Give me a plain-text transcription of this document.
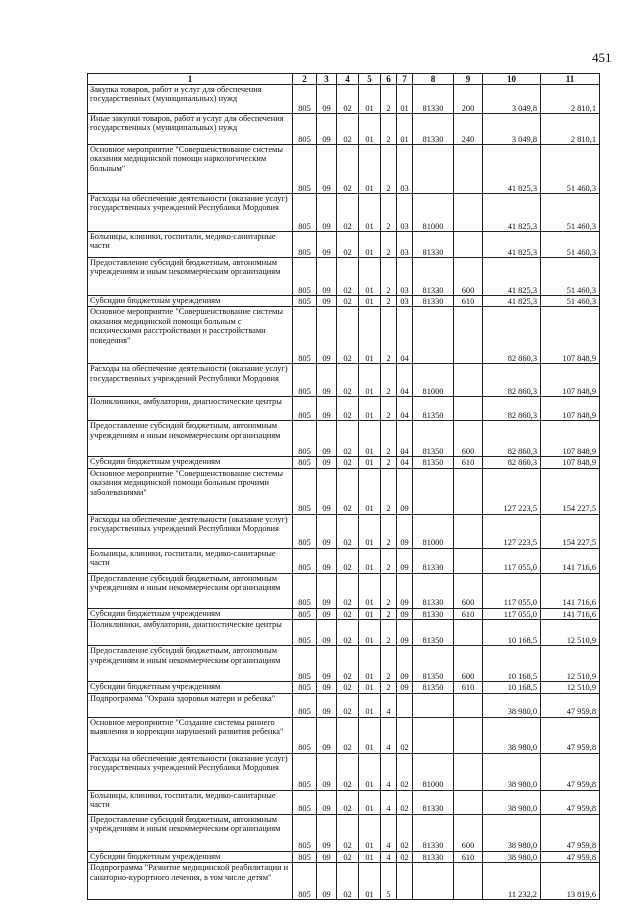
451
1	2	3	4	5	6	7	8	9	10	11
Закупка товаров, работ и услуг для обеспечения государственных (муниципальных) нужд	805	09	02	01	2	01	81330	200	3 049,8	2 810,1
Иные закупки товаров, работ и услуг для обеспечения государственных (муниципальных) нужд	805	09	02	01	2	01	81330	240	3 049,8	2 810,1
Основное мероприятие "Совершенствование системы оказания медицинской помощи наркологическим больным"	805	09	02	01	2	03			41 825,3	51 460,3
Расходы на обеспечение деятельности (оказание услуг) государственных учреждений Республики Мордовия	805	09	02	01	2	03	81000		41 825,3	51 460,3
Больницы, клиники, госпитали, медико-санитарные части	805	09	02	01	2	03	81330		41 825,3	51 460,3
Предоставление субсидий бюджетным, автономным учреждениям и иным некоммерческим организациям	805	09	02	01	2	03	81330	600	41 825,3	51 460,3
Субсидии бюджетным учреждениям	805	09	02	01	2	03	81330	610	41 825,3	51 460,3
Основное мероприятие "Совершенствование системы оказания медицинской помощи больным с психическими расстройствами и расстройствами поведения"	805	09	02	01	2	04			82 860,3	107 848,9
Расходы на обеспечение деятельности (оказание услуг) государственных учреждений Республики Мордовия	805	09	02	01	2	04	81000		82 860,3	107 848,9
Поликлиники, амбулатории, диагностические центры	805	09	02	01	2	04	81350		82 860,3	107 848,9
Предоставление субсидий бюджетным, автономным учреждениям и иным некоммерческим организациям	805	09	02	01	2	04	81350	600	82 860,3	107 848,9
Субсидии бюджетным учреждениям	805	09	02	01	2	04	81350	610	82 860,3	107 848,9
Основное мероприятие "Совершенствование системы оказания медицинской помощи больным прочими заболеваниями"	805	09	02	01	2	09			127 223,5	154 227,5
Расходы на обеспечение деятельности (оказание услуг) государственных учреждений Республики Мордовия	805	09	02	01	2	09	81000		127 223,5	154 227,5
Больницы, клиники, госпитали, медико-санитарные части	805	09	02	01	2	09	81330		117 055,0	141 716,6
Предоставление субсидий бюджетным, автономным учреждениям и иным некоммерческим организациям	805	09	02	01	2	09	81330	600	117 055,0	141 716,6
Субсидии бюджетным учреждениям	805	09	02	01	2	09	81330	610	117 055,0	141 716,6
Поликлиники, амбулатории, диагностические центры	805	09	02	01	2	09	81350		10 168,5	12 510,9
Предоставление субсидий бюджетным, автономным учреждениям и иным некоммерческим организациям	805	09	02	01	2	09	81350	600	10 168,5	12 510,9
Субсидии бюджетным учреждениям	805	09	02	01	2	09	81350	610	10 168,5	12 510,9
Подпрограмма "Охрана здоровья матери и ребенка"	805	09	02	01	4				38 980,0	47 959,8
Основное мероприятие "Создание системы раннего выявления и коррекции нарушений развития ребенка"	805	09	02	01	4	02			38 980,0	47 959,8
Расходы на обеспечение деятельности (оказание услуг) государственных учреждений Республики Мордовия	805	09	02	01	4	02	81000		38 980,0	47 959,8
Больницы, клиники, госпитали, медико-санитарные части	805	09	02	01	4	02	81330		38 980,0	47 959,8
Предоставление субсидий бюджетным, автономным учреждениям и иным некоммерческим организациям	805	09	02	01	4	02	81330	600	38 980,0	47 959,8
Субсидии бюджетным учреждениям	805	09	02	01	4	02	81330	610	38 980,0	47 959,8
Подпрограмма "Развитие медицинской реабилитации и санаторно-курортного лечения, в том числе детям"	805	09	02	01	5				11 232,2	13 819,6
